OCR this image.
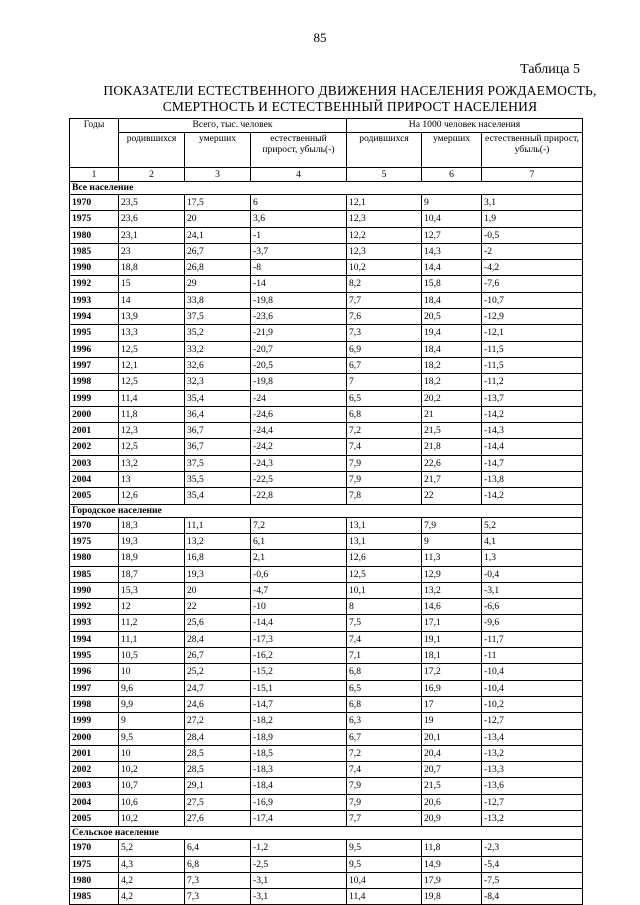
85
Таблица 5
ПОКАЗАТЕЛИ ЕСТЕСТВЕННОГО ДВИЖЕНИЯ НАСЕЛЕНИЯ РОЖДАЕМОСТЬ,
СМЕРТНОСТЬ И ЕСТЕСТВЕННЫЙ ПРИРОСТ НАСЕЛЕНИЯ
Годы	Всего, тыс. человек			На 1000 человек населения		
	родившихся	умерших	естественный прирост, убыль(-)	родившихся	умерших	естественный прирост, убыль(-)
1	2	3	4	5	6	7
Все население						
1970	23,5	17,5	6	12,1	9	3,1
1975	23,6	20	3,6	12,3	10,4	1,9
1980	23,1	24,1	-1	12,2	12,7	-0,5
1985	23	26,7	-3,7	12,3	14,3	-2
1990	18,8	26,8	-8	10,2	14,4	-4,2
1992	15	29	-14	8,2	15,8	-7,6
1993	14	33,8	-19,8	7,7	18,4	-10,7
1994	13,9	37,5	-23,6	7,6	20,5	-12,9
1995	13,3	35,2	-21,9	7,3	19,4	-12,1
1996	12,5	33,2	-20,7	6,9	18,4	-11,5
1997	12,1	32,6	-20,5	6,7	18,2	-11,5
1998	12,5	32,3	-19,8	7	18,2	-11,2
1999	11,4	35,4	-24	6,5	20,2	-13,7
2000	11,8	36,4	-24,6	6,8	21	-14,2
2001	12,3	36,7	-24,4	7,2	21,5	-14,3
2002	12,5	36,7	-24,2	7,4	21,8	-14,4
2003	13,2	37,5	-24,3	7,9	22,6	-14,7
2004	13	35,5	-22,5	7,9	21,7	-13,8
2005	12,6	35,4	-22,8	7,8	22	-14,2
Городское население						
1970	18,3	11,1	7,2	13,1	7,9	5,2
1975	19,3	13,2	6,1	13,1	9	4,1
1980	18,9	16,8	2,1	12,6	11,3	1,3
1985	18,7	19,3	-0,6	12,5	12,9	-0,4
1990	15,3	20	-4,7	10,1	13,2	-3,1
1992	12	22	-10	8	14,6	-6,6
1993	11,2	25,6	-14,4	7,5	17,1	-9,6
1994	11,1	28,4	-17,3	7,4	19,1	-11,7
1995	10,5	26,7	-16,2	7,1	18,1	-11
1996	10	25,2	-15,2	6,8	17,2	-10,4
1997	9,6	24,7	-15,1	6,5	16,9	-10,4
1998	9,9	24,6	-14,7	6,8	17	-10,2
1999	9	27,2	-18,2	6,3	19	-12,7
2000	9,5	28,4	-18,9	6,7	20,1	-13,4
2001	10	28,5	-18,5	7,2	20,4	-13,2
2002	10,2	28,5	-18,3	7,4	20,7	-13,3
2003	10,7	29,1	-18,4	7,9	21,5	-13,6
2004	10,6	27,5	-16,9	7,9	20,6	-12,7
2005	10,2	27,6	-17,4	7,7	20,9	-13,2
Сельское население						
1970	5,2	6,4	-1,2	9,5	11,8	-2,3
1975	4,3	6,8	-2,5	9,5	14,9	-5,4
1980	4,2	7,3	-3,1	10,4	17,9	-7,5
1985	4,2	7,3	-3,1	11,4	19,8	-8,4
